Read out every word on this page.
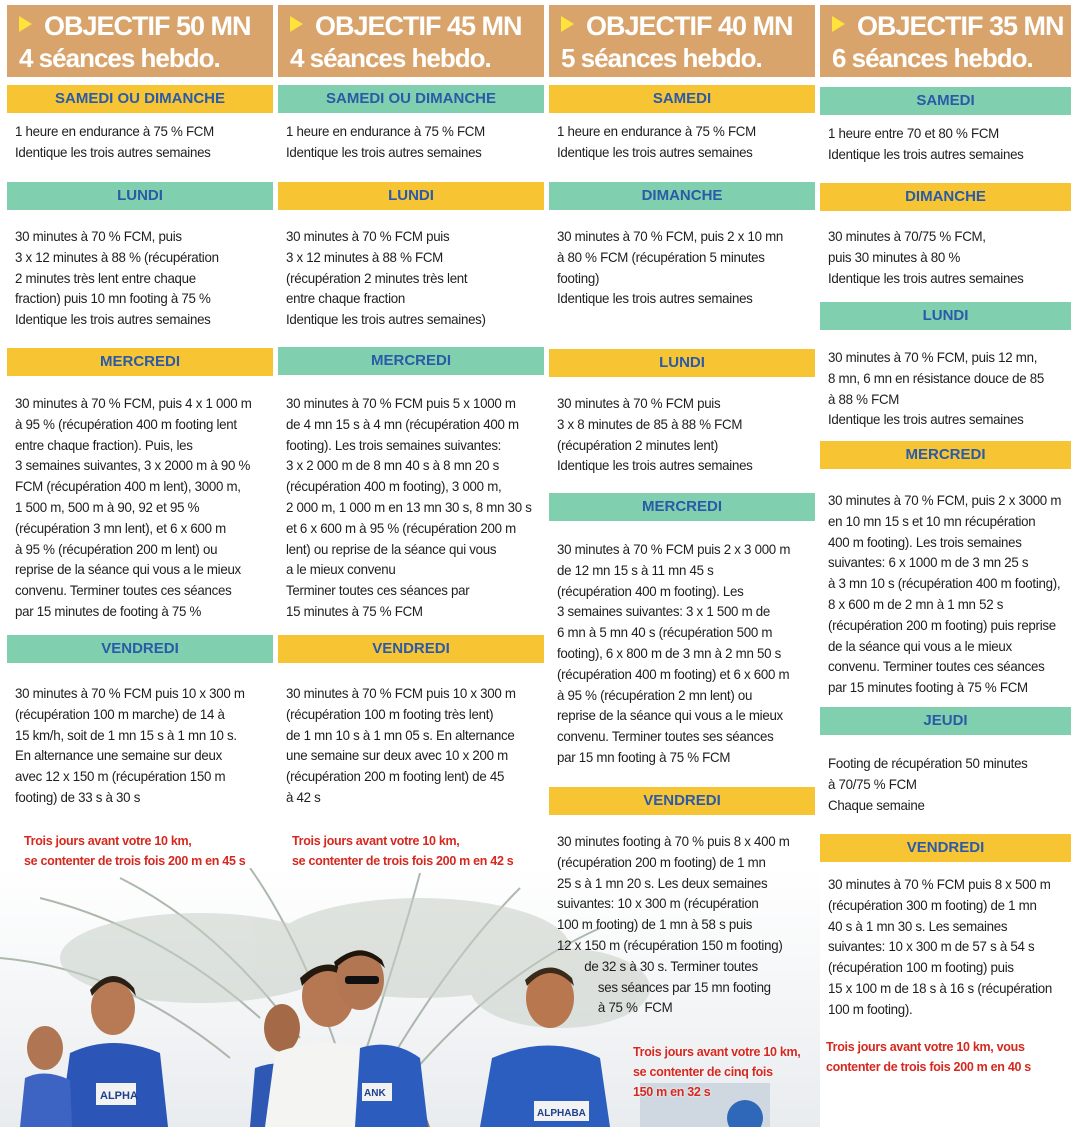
OBJECTIF 50 MN
4 séances hebdo.
SAMEDI OU DIMANCHE
1 heure en endurance à 75 % FCM
Identique les trois autres semaines
LUNDI
30 minutes à 70 % FCM, puis
3 x 12 minutes à 88 % (récupération
2 minutes très lent entre chaque
fraction) puis 10 mn footing à 75 %
Identique les trois autres semaines
MERCREDI
30 minutes à 70 % FCM, puis 4 x 1 000 m
à 95 % (récupération 400 m footing lent
entre chaque fraction). Puis, les
3 semaines suivantes, 3 x 2000 m à 90 %
FCM (récupération 400 m lent), 3000 m,
1 500 m, 500 m à 90, 92 et 95 %
(récupération 3 mn lent), et 6 x 600 m
à 95 % (récupération 200 m lent) ou
reprise de la séance qui vous a le mieux
convenu. Terminer toutes ces séances
par 15 minutes de footing à 75 %
VENDREDI
30 minutes à 70 % FCM puis 10 x 300 m
(récupération 100 m marche) de 14 à
15 km/h, soit de 1 mn 15 s à 1 mn 10 s.
En alternance une semaine sur deux
avec 12 x 150 m (récupération 150 m
footing) de 33 s à 30 s
Trois jours avant votre 10 km,
se contenter de trois fois 200 m en 45 s
OBJECTIF 45 MN
4 séances hebdo.
SAMEDI OU DIMANCHE
1 heure en endurance à 75 % FCM
Identique les trois autres semaines
LUNDI
30 minutes à 70 % FCM puis
3 x 12 minutes à 88 % FCM
(récupération 2 minutes très lent
entre chaque fraction
Identique les trois autres semaines)
MERCREDI
30 minutes à 70 % FCM puis 5 x 1000 m
de 4 mn 15 s à 4 mn (récupération 400 m
footing). Les trois semaines suivantes:
3 x 2 000 m de 8 mn 40 s à 8 mn 20 s
(récupération 400 m footing), 3 000 m,
2 000 m, 1 000 m en 13 mn 30 s, 8 mn 30 s
et 6 x 600 m à 95 % (récupération 200 m
lent) ou reprise de la séance qui vous
a le mieux convenu
Terminer toutes ces séances par
15 minutes à 75 % FCM
VENDREDI
30 minutes à 70 % FCM puis 10 x 300 m
(récupération 100 m footing très lent)
de 1 mn 10 s à 1 mn 05 s. En alternance
une semaine sur deux avec 10 x 200 m
(récupération 200 m footing lent) de 45
à 42 s
Trois jours avant votre 10 km,
se contenter de trois fois 200 m en 42 s
OBJECTIF 40 MN
5 séances hebdo.
SAMEDI
1 heure en endurance à 75 % FCM
Identique les trois autres semaines
DIMANCHE
30 minutes à 70 % FCM, puis 2 x 10 mn
à 80 % FCM (récupération 5 minutes
footing)
Identique les trois autres semaines
LUNDI
30 minutes à 70 % FCM puis
3 x 8 minutes de 85 à 88 % FCM
(récupération 2 minutes lent)
Identique les trois autres semaines
MERCREDI
30 minutes à 70 % FCM puis 2 x 3 000 m
de 12 mn 15 s à 11 mn 45 s
(récupération 400 m footing). Les
3 semaines suivantes: 3 x 1 500 m de
6 mn à 5 mn 40 s (récupération 500 m
footing), 6 x 800 m de 3 mn à 2 mn 50 s
(récupération 400 m footing) et 6 x 600 m
à 95 % (récupération 2 mn lent) ou
reprise de la séance qui vous a le mieux
convenu. Terminer toutes ses séances
par 15 mn footing à 75 % FCM
VENDREDI
30 minutes footing à 70 % puis 8 x 400 m
(récupération 200 m footing) de 1 mn
25 s à 1 mn 20 s. Les deux semaines
suivantes: 10 x 300 m (récupération
100 m footing) de 1 mn à 58 s puis
12 x 150 m (récupération 150 m footing)
de 32 s à 30 s. Terminer toutes
ses séances par 15 mn footing
à 75 %  FCM
OBJECTIF 35 MN
6 séances hebdo.
SAMEDI
1 heure entre 70 et 80 % FCM
Identique les trois autres semaines
DIMANCHE
30 minutes à 70/75 % FCM,
puis 30 minutes à 80 %
Identique les trois autres semaines
LUNDI
30 minutes à 70 % FCM, puis 12 mn,
8 mn, 6 mn en résistance douce de 85
à 88 % FCM
Identique les trois autres semaines
MERCREDI
30 minutes à 70 % FCM, puis 2 x 3000 m
en 10 mn 15 s et 10 mn récupération
400 m footing). Les trois semaines
suivantes: 6 x 1000 m de 3 mn 25 s
à 3 mn 10 s (récupération 400 m footing),
8 x 600 m de 2 mn à 1 mn 52 s
(récupération 200 m footing) puis reprise
de la séance qui vous a le mieux
convenu. Terminer toutes ces séances
par 15 minutes footing à 75 % FCM
JEUDI
Footing de récupération 50 minutes
à 70/75 % FCM
Chaque semaine
VENDREDI
30 minutes à 70 % FCM puis 8 x 500 m
(récupération 300 m footing) de 1 mn
40 s à 1 mn 30 s. Les semaines
suivantes: 10 x 300 m de 57 s à 54 s
(récupération 100 m footing) puis
15 x 100 m de 18 s à 16 s (récupération
100 m footing).
Trois jours avant votre 10 km, vous
contenter de trois fois 200 m en 40 s
ALPHA	ANK
ALPHABA
Trois jours avant votre 10 km,
se contenter de cinq fois
150 m en 32 s
